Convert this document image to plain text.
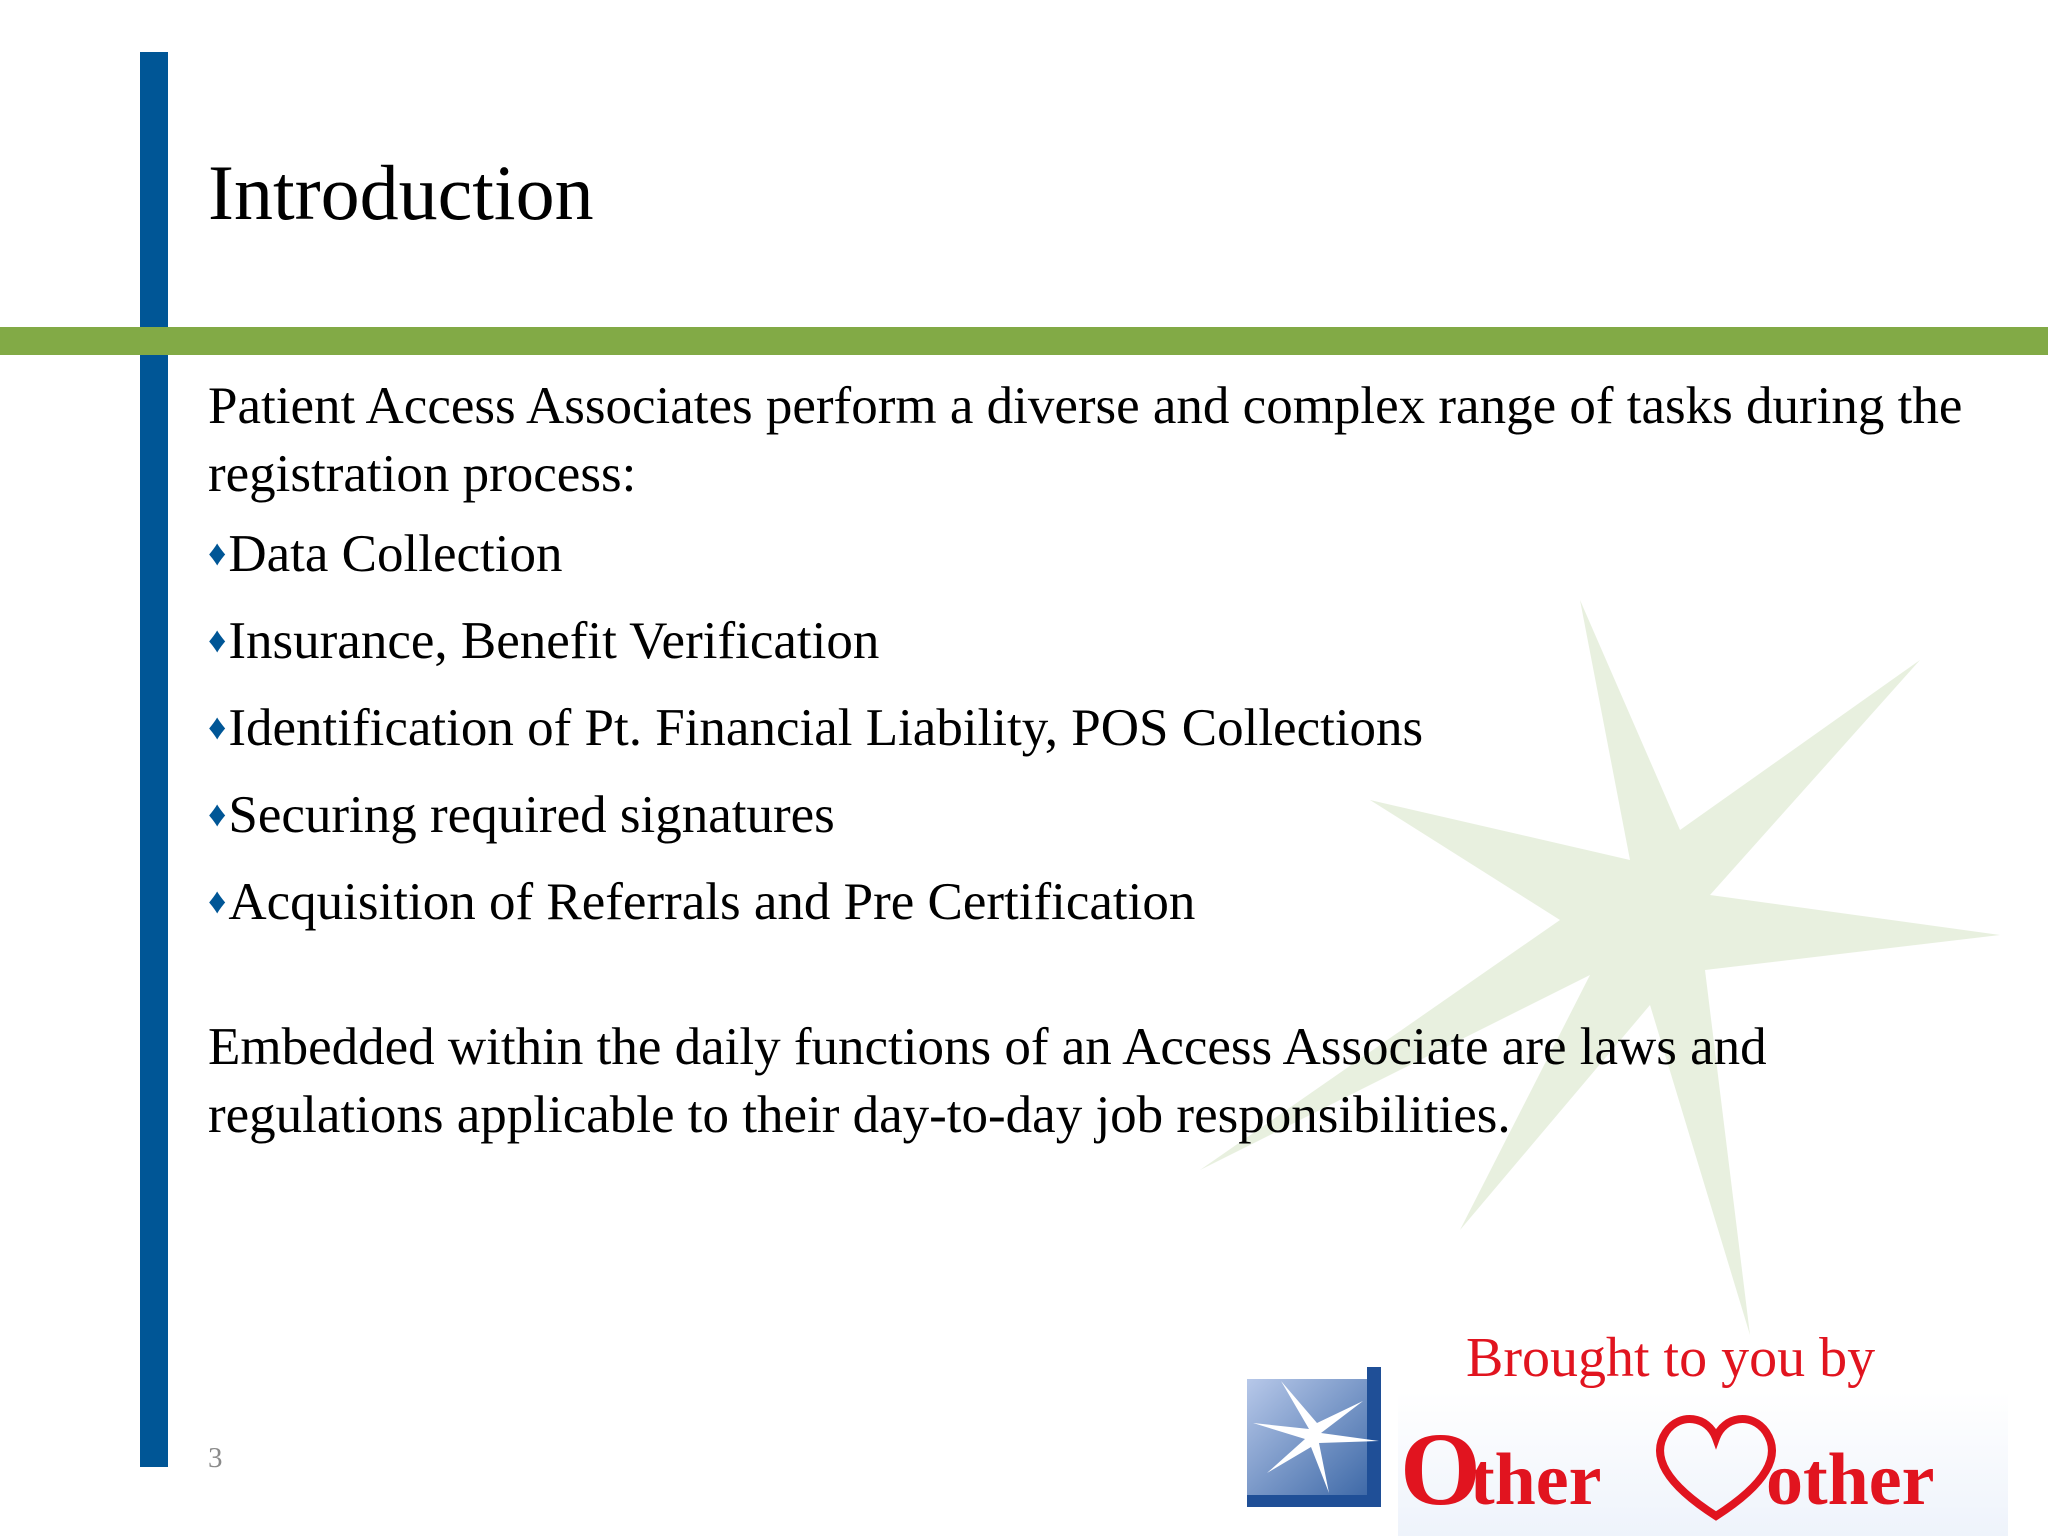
Introduction

Patient Access Associates perform a diverse and complex range of tasks during the registration process:

♦ Data Collection
♦ Insurance, Benefit Verification
♦ Identification of Pt. Financial Liability, POS Collections
♦ Securing required signatures
♦ Acquisition of Referrals and Pre Certification

Embedded within the daily functions of an Access Associate are laws and regulations applicable to their day-to-day job responsibilities.

3
Brought to you by
O
ther other
